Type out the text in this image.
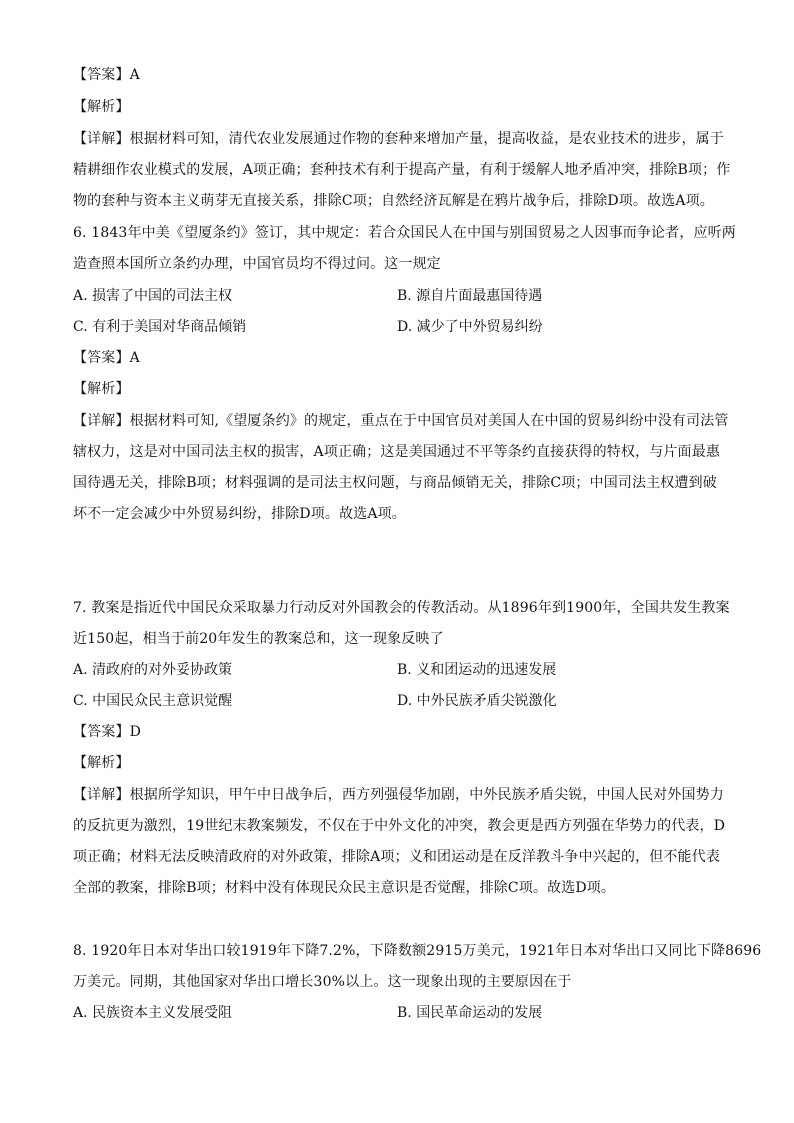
【答案】A
【解析】
【详解】根据材料可知，清代农业发展通过作物的套种来增加产量，提高收益，是农业技术的进步，属于
精耕细作农业模式的发展，A项正确；套种技术有利于提高产量，有利于缓解人地矛盾冲突，排除B项；作
物的套种与资本主义萌芽无直接关系，排除C项；自然经济瓦解是在鸦片战争后，排除D项。故选A项。
6. 1843年中美《望厦条约》签订，其中规定：若合众国民人在中国与别国贸易之人因事而争论者，应听两
造查照本国所立条约办理，中国官员均不得过问。这一规定
A. 损害了中国的司法主权	B. 源自片面最惠国待遇
C. 有利于美国对华商品倾销	D. 减少了中外贸易纠纷
【答案】A
【解析】
【详解】根据材料可知,《望厦条约》的规定，重点在于中国官员对美国人在中国的贸易纠纷中没有司法管
辖权力，这是对中国司法主权的损害，A项正确；这是美国通过不平等条约直接获得的特权，与片面最惠
国待遇无关，排除B项；材料强调的是司法主权问题，与商品倾销无关，排除C项；中国司法主权遭到破
坏不一定会减少中外贸易纠纷，排除D项。故选A项。
7. 教案是指近代中国民众采取暴力行动反对外国教会的传教活动。从1896年到1900年，全国共发生教案
近150起，相当于前20年发生的教案总和，这一现象反映了
A. 清政府的对外妥协政策	B. 义和团运动的迅速发展
C. 中国民众民主意识觉醒	D. 中外民族矛盾尖锐激化
【答案】D
【解析】
【详解】根据所学知识，甲午中日战争后，西方列强侵华加剧，中外民族矛盾尖锐，中国人民对外国势力
的反抗更为激烈，19世纪末教案频发，不仅在于中外文化的冲突，教会更是西方列强在华势力的代表，D
项正确；材料无法反映清政府的对外政策，排除A项；义和团运动是在反洋教斗争中兴起的，但不能代表
全部的教案，排除B项；材料中没有体现民众民主意识是否觉醒，排除C项。故选D项。
8. 1920年日本对华出口较1919年下降7.2%，下降数额2915万美元，1921年日本对华出口又同比下降8696
万美元。同期，其他国家对华出口增长30%以上。这一现象出现的主要原因在于
A. 民族资本主义发展受阻	B. 国民革命运动的发展
